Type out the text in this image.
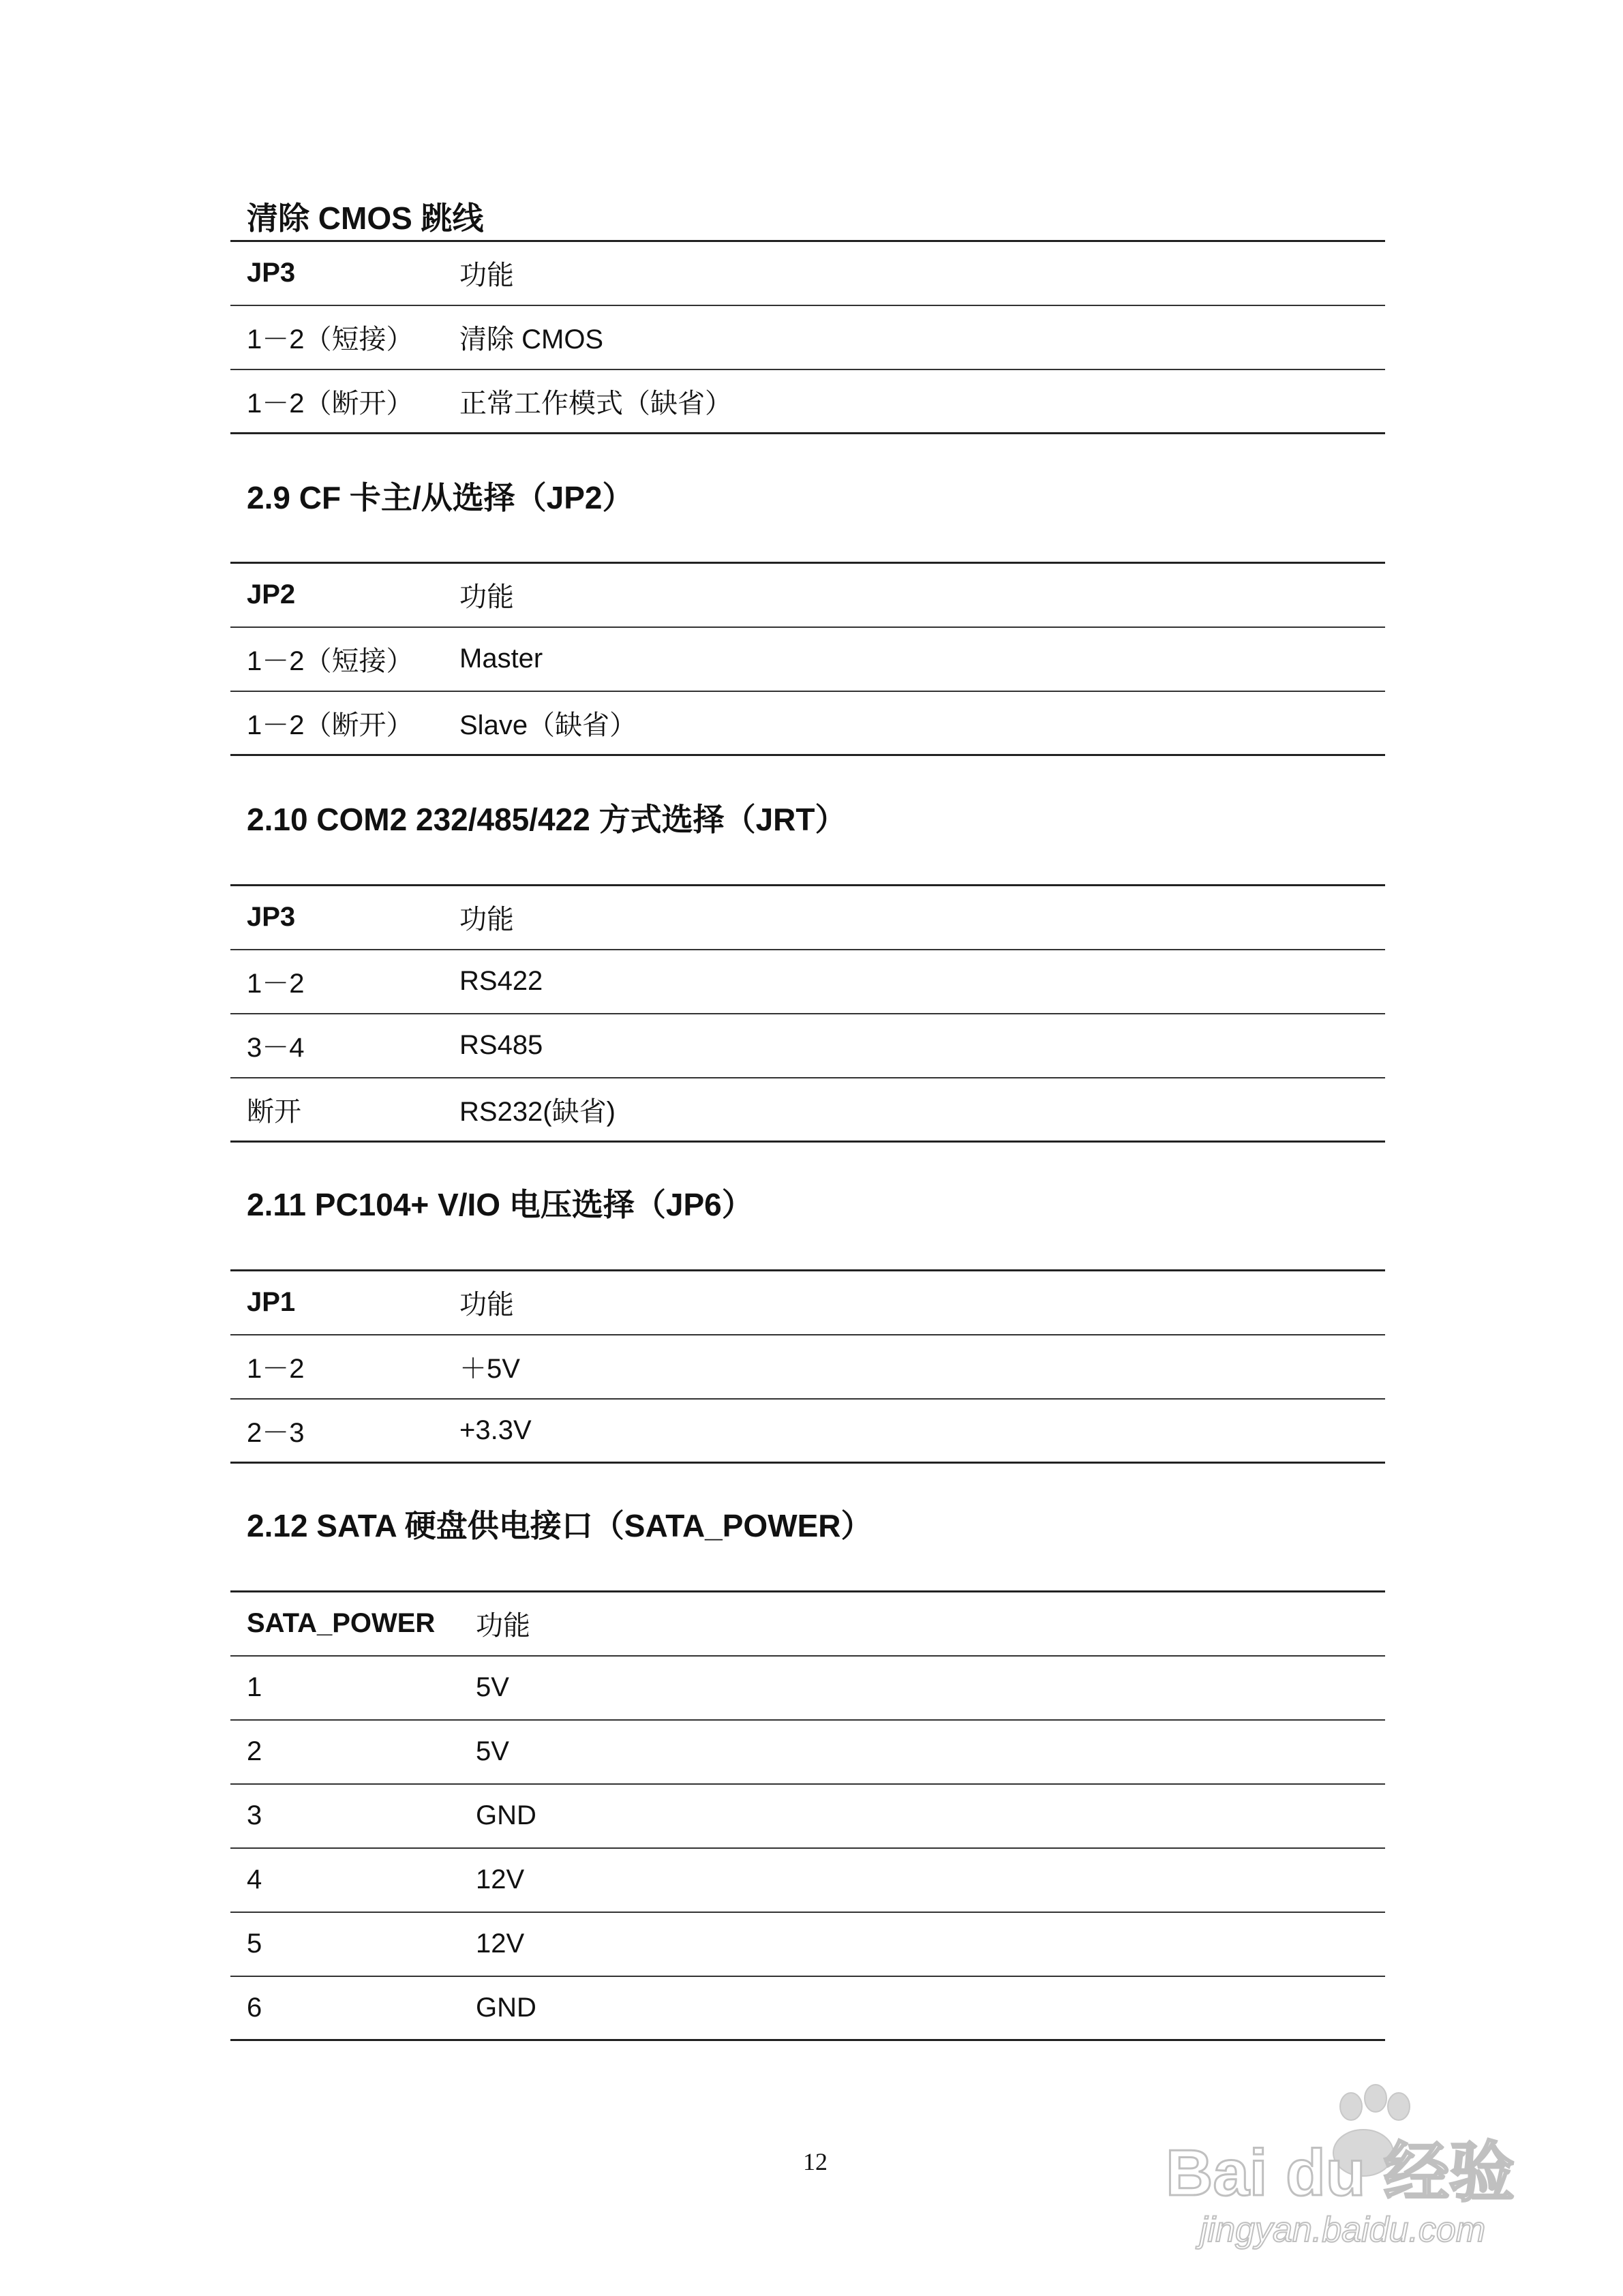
清除 CMOS 跳线
JP3	功能
1－2（短接）	清除 CMOS
1－2（断开）	正常工作模式（缺省）
2.9 CF 卡主/从选择（JP2）
JP2	功能
1－2（短接）	Master
1－2（断开）	Slave（缺省）
2.10 COM2 232/485/422 方式选择（JRT）
JP3	功能
1－2	RS422
3－4	RS485
断开	RS232(缺省)
2.11 PC104+ V/IO 电压选择（JP6）
JP1	功能
1－2	＋5V
2－3	+3.3V
2.12 SATA 硬盘供电接口（SATA_POWER）
SATA_POWER	功能
1	5V
2	5V
3	GND
4	12V
5	12V
6	GND
12	Bai du 经验
jingyan.baidu.com
